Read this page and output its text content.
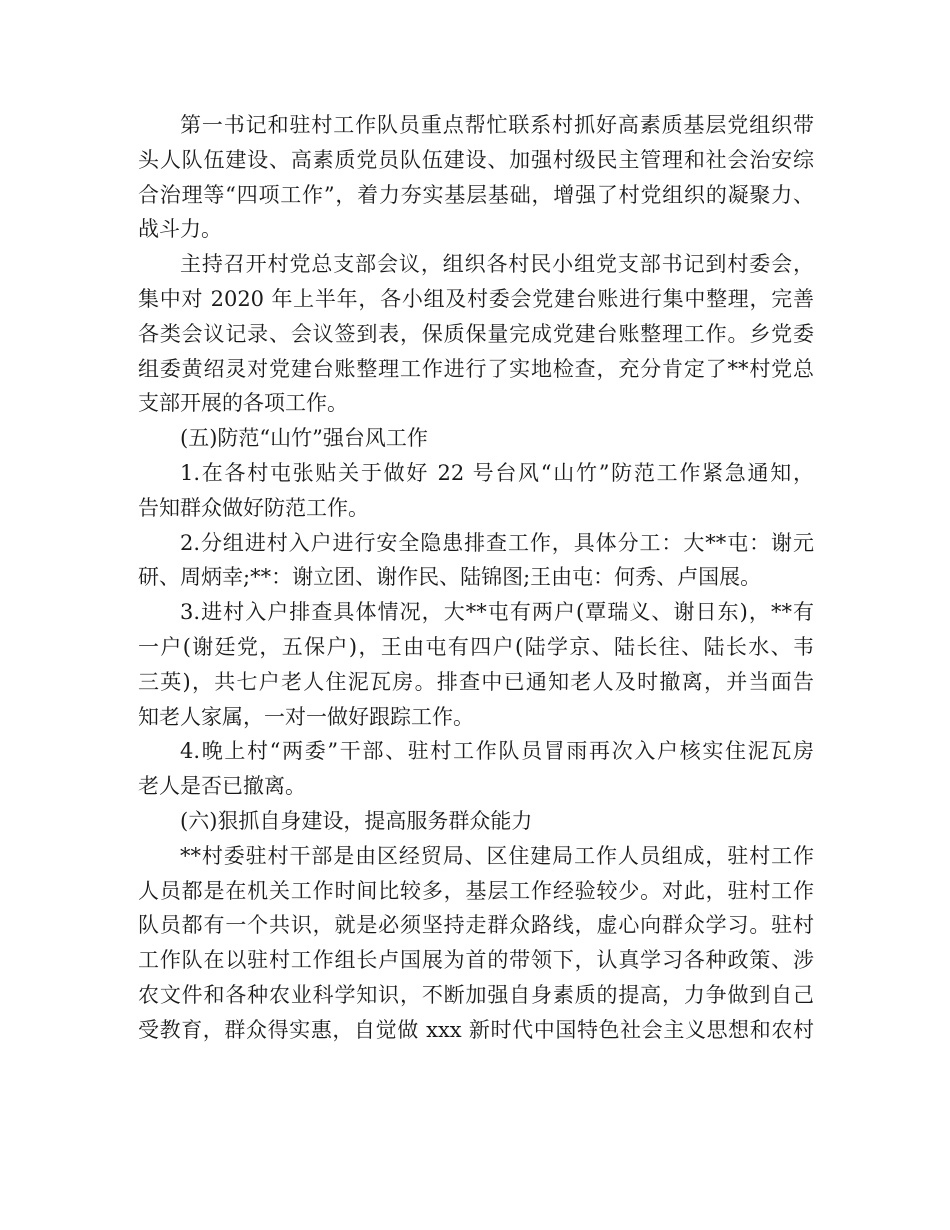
第一书记和驻村工作队员重点帮忙联系村抓好高素质基层党组织带
头人队伍建设、高素质党员队伍建设、加强村级民主管理和社会治安综
合治理等“四项工作”，着力夯实基层基础，增强了村党组织的凝聚力、
战斗力。
主持召开村党总支部会议，组织各村民小组党支部书记到村委会，
集中对 2020 年上半年，各小组及村委会党建台账进行集中整理，完善
各类会议记录、会议签到表，保质保量完成党建台账整理工作。乡党委
组委黄绍灵对党建台账整理工作进行了实地检查，充分肯定了**村党总
支部开展的各项工作。
(五)防范“山竹”强台风工作
1.在各村屯张贴关于做好 22 号台风“山竹”防范工作紧急通知，
告知群众做好防范工作。
2.分组进村入户进行安全隐患排查工作，具体分工：大**屯：谢元
研、周炳幸;**：谢立团、谢作民、陆锦图;王由屯：何秀、卢国展。
3.进村入户排查具体情况，大**屯有两户(覃瑞义、谢日东)，**有
一户(谢廷党，五保户)，王由屯有四户(陆学京、陆长往、陆长水、韦
三英)，共七户老人住泥瓦房。排查中已通知老人及时撤离，并当面告
知老人家属，一对一做好跟踪工作。
4.晚上村“两委”干部、驻村工作队员冒雨再次入户核实住泥瓦房
老人是否已撤离。
(六)狠抓自身建设，提高服务群众能力
**村委驻村干部是由区经贸局、区住建局工作人员组成，驻村工作
人员都是在机关工作时间比较多，基层工作经验较少。对此，驻村工作
队员都有一个共识，就是必须坚持走群众路线，虚心向群众学习。驻村
工作队在以驻村工作组长卢国展为首的带领下，认真学习各种政策、涉
农文件和各种农业科学知识，不断加强自身素质的提高，力争做到自己
受教育，群众得实惠，自觉做 xxx 新时代中国特色社会主义思想和农村
